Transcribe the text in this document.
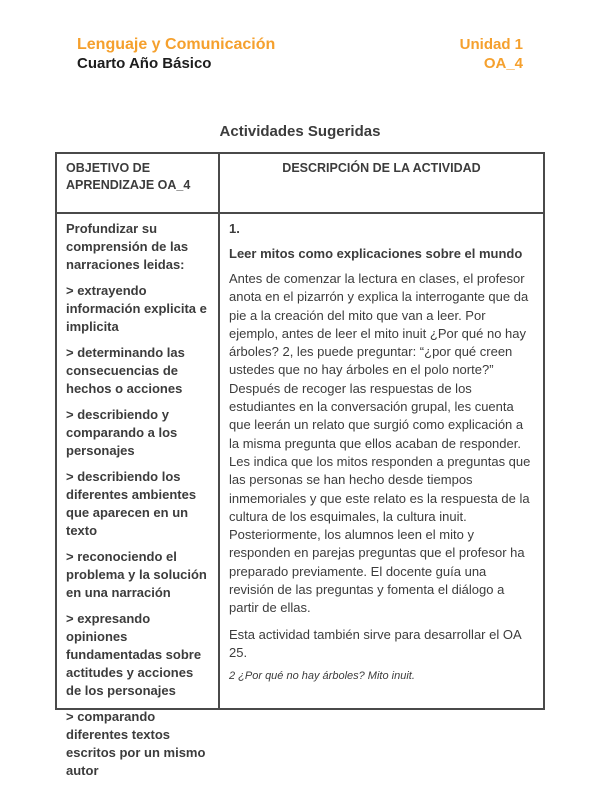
Lenguaje y Comunicación
Cuarto Año Básico
Unidad 1
OA_4
Actividades Sugeridas
OBJETIVO DE APRENDIZAJE OA_4
DESCRIPCIÓN DE LA ACTIVIDAD

Profundizar su comprensión de las narraciones leidas:

> extrayendo información explicita e implicita

> determinando las consecuencias de hechos o acciones

> describiendo y comparando a los personajes

> describiendo los diferentes ambientes que aparecen en un texto

> reconociendo el problema y la solución en una narración

> expresando opiniones fundamentadas sobre actitudes y acciones de los personajes

> comparando diferentes textos escritos por un mismo autor

1.
Leer mitos como explicaciones sobre el mundo
Antes de comenzar la lectura en clases, el profesor anota en el pizarrón y explica la interrogante que da pie a la creación del mito que van a leer. Por ejemplo, antes de leer el mito inuit ¿Por qué no hay árboles? 2, les puede preguntar: “¿por qué creen ustedes que no hay árboles en el polo norte?” Después de recoger las respuestas de los estudiantes en la conversación grupal, les cuenta que leerán un relato que surgió como explicación a la misma pregunta que ellos acaban de responder. Les indica que los mitos responden a preguntas que las personas se han hecho desde tiempos inmemoriales y que este relato es la respuesta de la cultura de los esquimales, la cultura inuit. Posteriormente, los alumnos leen el mito y responden en parejas preguntas que el profesor ha preparado previamente. El docente guía una revisión de las preguntas y fomenta el diálogo a partir de ellas.
Esta actividad también sirve para desarrollar el OA 25.
2 ¿Por qué no hay árboles? Mito inuit.
